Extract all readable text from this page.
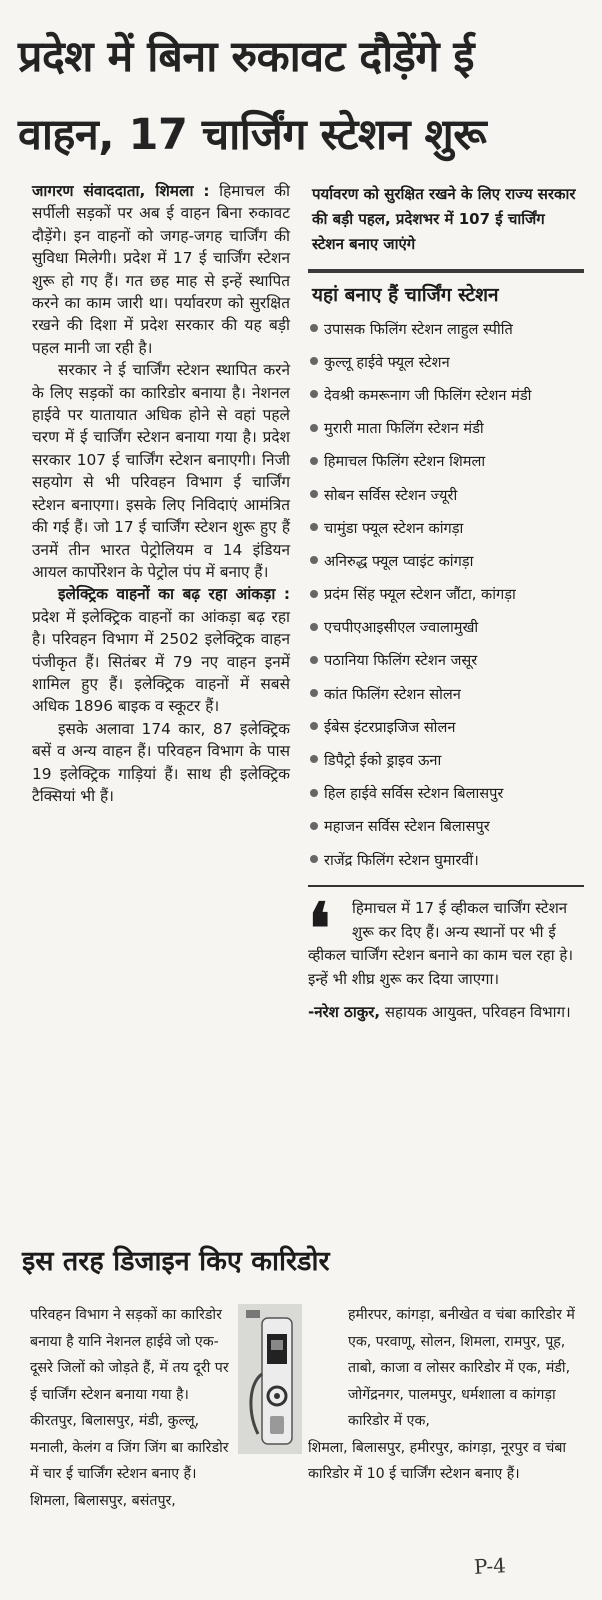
प्रदेश में बिना रुकावट दौड़ेंगे ई
वाहन, 17 चार्जिंग स्टेशन शुरू

जागरण संवाददाता, शिमला : हिमाचल की सर्पीली सड़कों पर अब ई वाहन बिना रुकावट दौड़ेंगे। इन वाहनों को जगह-जगह चार्जिंग की सुविधा मिलेगी। प्रदेश में 17 ई चार्जिंग स्टेशन शुरू हो गए हैं। गत छह माह से इन्हें स्थापित करने का काम जारी था। पर्यावरण को सुरक्षित रखने की दिशा में प्रदेश सरकार की यह बड़ी पहल मानी जा रही है।

सरकार ने ई चार्जिंग स्टेशन स्थापित करने के लिए सड़कों का कारिडोर बनाया है। नेशनल हाईवे पर यातायात अधिक होने से वहां पहले चरण में ई चार्जिंग स्टेशन बनाया गया है। प्रदेश सरकार 107 ई चार्जिंग स्टेशन बनाएगी। निजी सहयोग से भी परिवहन विभाग ई चार्जिंग स्टेशन बनाएगा। इसके लिए निविदाएं आमंत्रित की गई हैं। जो 17 ई चार्जिंग स्टेशन शुरू हुए हैं उनमें तीन भारत पेट्रोलियम व 14 इंडियन आयल कार्पोरेशन के पेट्रोल पंप में बनाए हैं।

इलेक्ट्रिक वाहनों का बढ़ रहा आंकड़ा : प्रदेश में इलेक्ट्रिक वाहनों का आंकड़ा बढ़ रहा है। परिवहन विभाग में 2502 इलेक्ट्रिक वाहन पंजीकृत हैं। सितंबर में 79 नए वाहन इनमें शामिल हुए हैं। इलेक्ट्रिक वाहनों में सबसे अधिक 1896 बाइक व स्कूटर हैं।

इसके अलावा 174 कार, 87 इलेक्ट्रिक बसें व अन्य वाहन हैं। परिवहन विभाग के पास 19 इलेक्ट्रिक गाड़ियां हैं। साथ ही इलेक्ट्रिक टैक्सियां भी हैं।

पर्यावरण को सुरक्षित रखने के लिए राज्य सरकार की बड़ी पहल, प्रदेशभर में 107 ई चार्जिंग स्टेशन बनाए जाएंगे

यहां बनाए हैं चार्जिंग स्टेशन
उपासक फिलिंग स्टेशन लाहुल स्पीति
कुल्लू हाईवे फ्यूल स्टेशन
देवश्री कमरूनाग जी फिलिंग स्टेशन मंडी
मुरारी माता फिलिंग स्टेशन मंडी
हिमाचल फिलिंग स्टेशन शिमला
सोबन सर्विस स्टेशन ज्यूरी
चामुंडा फ्यूल स्टेशन कांगड़ा
अनिरुद्ध फ्यूल प्वाइंट कांगड़ा
प्रदंम सिंह फ्यूल स्टेशन जौंटा, कांगड़ा
एचपीएआइसीएल ज्वालामुखी
पठानिया फिलिंग स्टेशन जसूर
कांत फिलिंग स्टेशन सोलन
ईबेस इंटरप्राइजिज सोलन
डिपैट्रो ईको ड्राइव ऊना
हिल हाईवे सर्विस स्टेशन बिलासपुर
महाजन सर्विस स्टेशन बिलासपुर
राजेंद्र फिलिंग स्टेशन घुमारवीं।
❛	हिमाचल में 17 ई व्हीकल चार्जिंग स्टेशन शुरू कर दिए हैं। अन्य स्थानों पर भी ई व्हीकल चार्जिंग स्टेशन बनाने का काम चल रहा हे। इन्हें भी शीघ्र शुरू कर दिया जाएगा।
-नरेश ठाकुर, सहायक आयुक्त, परिवहन विभाग।
इस तरह डिजाइन किए कारिडोर
परिवहन विभाग ने सड़कों का कारिडोर बनाया है यानि नेशनल हाईवे जो एक-दूसरे जिलों को जोड़ते हैं, में तय दूरी पर ई चार्जिंग स्टेशन बनाया गया है। कीरतपुर, बिलासपुर, मंडी, कुल्लू, मनाली, केलंग व जिंग जिंग बा कारिडोर में चार ई चार्जिंग स्टेशन बनाए हैं। शिमला, बिलासपुर, बसंतपुर,
हमीरपर, कांगड़ा, बनीखेत व चंबा कारिडोर में एक, परवाणू, सोलन, शिमला, रामपुर, पूह, ताबो, काजा व लोसर कारिडोर में एक, मंडी, जोगेंद्रनगर, पालमपुर, धर्मशाला व कांगड़ा कारिडोर में एक,
शिमला, बिलासपुर, हमीरपुर, कांगड़ा, नूरपुर व चंबा कारिडोर में 10 ई चार्जिंग स्टेशन बनाए हैं।
P-4
